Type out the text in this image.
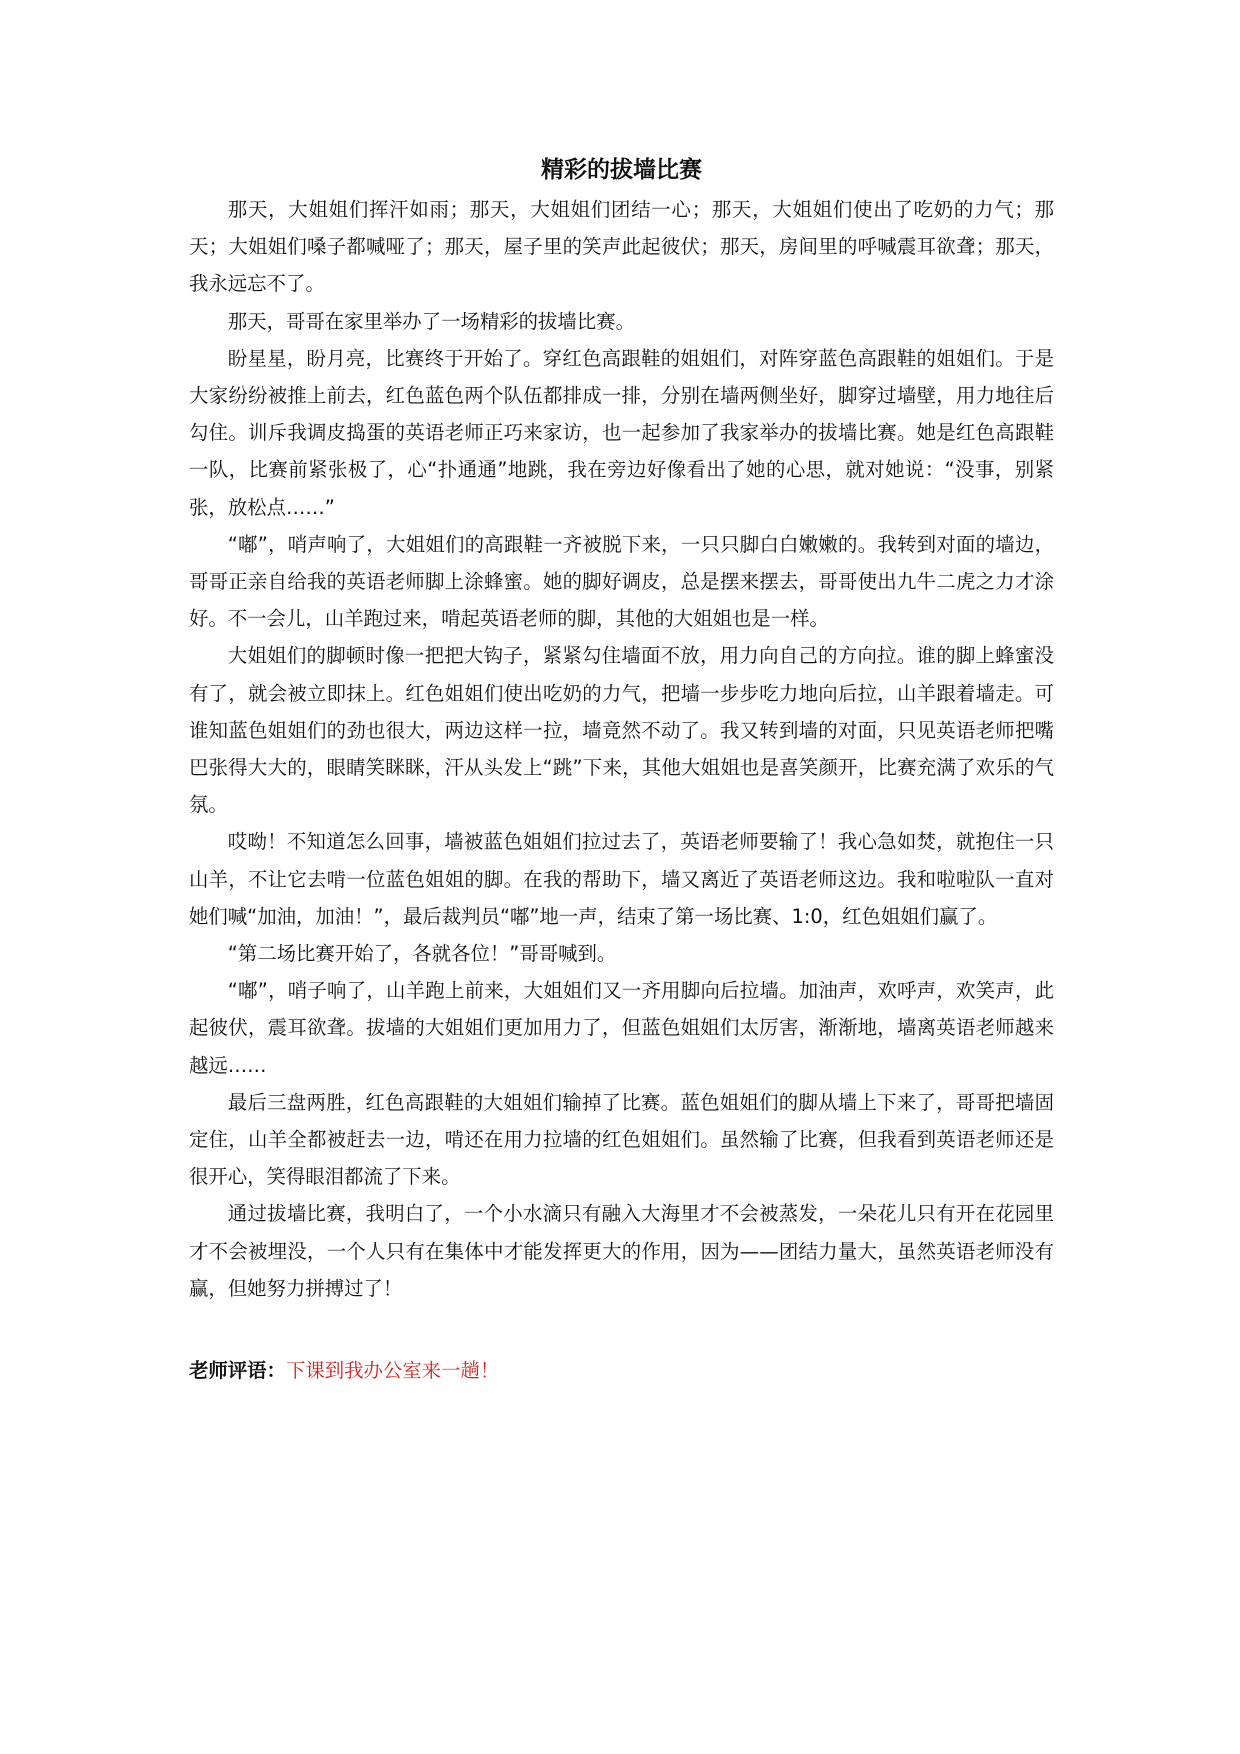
精彩的拔墙比赛

那天，大姐姐们挥汗如雨；那天，大姐姐们团结一心；那天，大姐姐们使出了吃奶的力气；那天；大姐姐们嗓子都喊哑了；那天，屋子里的笑声此起彼伏；那天，房间里的呼喊震耳欲聋；那天，我永远忘不了。

那天，哥哥在家里举办了一场精彩的拔墙比赛。

盼星星，盼月亮，比赛终于开始了。穿红色高跟鞋的姐姐们，对阵穿蓝色高跟鞋的姐姐们。于是大家纷纷被推上前去，红色蓝色两个队伍都排成一排，分别在墙两侧坐好，脚穿过墙壁，用力地往后勾住。训斥我调皮捣蛋的英语老师正巧来家访，也一起参加了我家举办的拔墙比赛。她是红色高跟鞋一队，比赛前紧张极了，心“扑通通”地跳，我在旁边好像看出了她的心思，就对她说：“没事，别紧张，放松点……”

“嘟”，哨声响了，大姐姐们的高跟鞋一齐被脱下来，一只只脚白白嫩嫩的。我转到对面的墙边，哥哥正亲自给我的英语老师脚上涂蜂蜜。她的脚好调皮，总是摆来摆去，哥哥使出九牛二虎之力才涂好。不一会儿，山羊跑过来，啃起英语老师的脚，其他的大姐姐也是一样。

大姐姐们的脚顿时像一把把大钩子，紧紧勾住墙面不放，用力向自己的方向拉。谁的脚上蜂蜜没有了，就会被立即抹上。红色姐姐们使出吃奶的力气，把墙一步步吃力地向后拉，山羊跟着墙走。可谁知蓝色姐姐们的劲也很大，两边这样一拉，墙竟然不动了。我又转到墙的对面，只见英语老师把嘴巴张得大大的，眼睛笑眯眯，汗从头发上“跳”下来，其他大姐姐也是喜笑颜开，比赛充满了欢乐的气氛。

哎呦！不知道怎么回事，墙被蓝色姐姐们拉过去了，英语老师要输了！我心急如焚，就抱住一只山羊，不让它去啃一位蓝色姐姐的脚。在我的帮助下，墙又离近了英语老师这边。我和啦啦队一直对她们喊“加油，加油！”，最后裁判员“嘟”地一声，结束了第一场比赛、1:0，红色姐姐们赢了。

“第二场比赛开始了，各就各位！”哥哥喊到。

“嘟”，哨子响了，山羊跑上前来，大姐姐们又一齐用脚向后拉墙。加油声，欢呼声，欢笑声，此起彼伏，震耳欲聋。拔墙的大姐姐们更加用力了，但蓝色姐姐们太厉害，渐渐地，墙离英语老师越来越远……

最后三盘两胜，红色高跟鞋的大姐姐们输掉了比赛。蓝色姐姐们的脚从墙上下来了，哥哥把墙固定住，山羊全都被赶去一边，啃还在用力拉墙的红色姐姐们。虽然输了比赛，但我看到英语老师还是很开心，笑得眼泪都流了下来。

通过拔墙比赛，我明白了，一个小水滴只有融入大海里才不会被蒸发，一朵花儿只有开在花园里才不会被埋没，一个人只有在集体中才能发挥更大的作用，因为——团结力量大，虽然英语老师没有赢，但她努力拼搏过了！

老师评语：下课到我办公室来一趟！
